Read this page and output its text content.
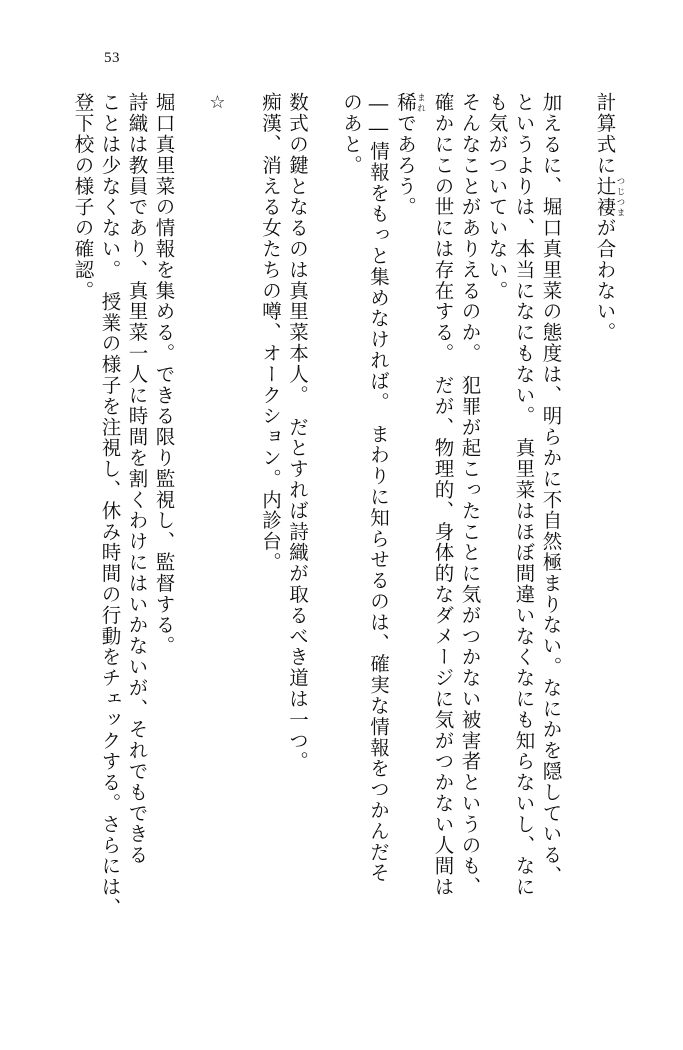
53
計算式に辻褄つじつまが合わない。

加えるに、堀口真里菜の態度は、明らかに不自然極まりない。なにかを隠している、
というよりは、本当になにもない。　真里菜はほぼ間違いなくなにも知らないし、なに
も気がついていない。
そんなことがありえるのか。　犯罪が起こったことに気がつかない被害者というのも、
確かにこの世には存在する。　だが、物理的、身体的なダメージに気がつかない人間は
稀まれであろう。
――情報をもっと集めなければ。　まわりに知らせるのは、確実な情報をつかんだそ
のあと。

数式の鍵となるのは真里菜本人。　だとすれば詩織が取るべき道は一つ。
痴漢、消える女たちの噂、オークション。内診台。

☆

堀口真里菜の情報を集める。できる限り監視し、監督する。
詩織は教員であり、真里菜一人に時間を割くわけにはいかないが、それでもできる
ことは少なくない。　授業の様子を注視し、休み時間の行動をチェックする。さらには、
登下校の様子の確認。
